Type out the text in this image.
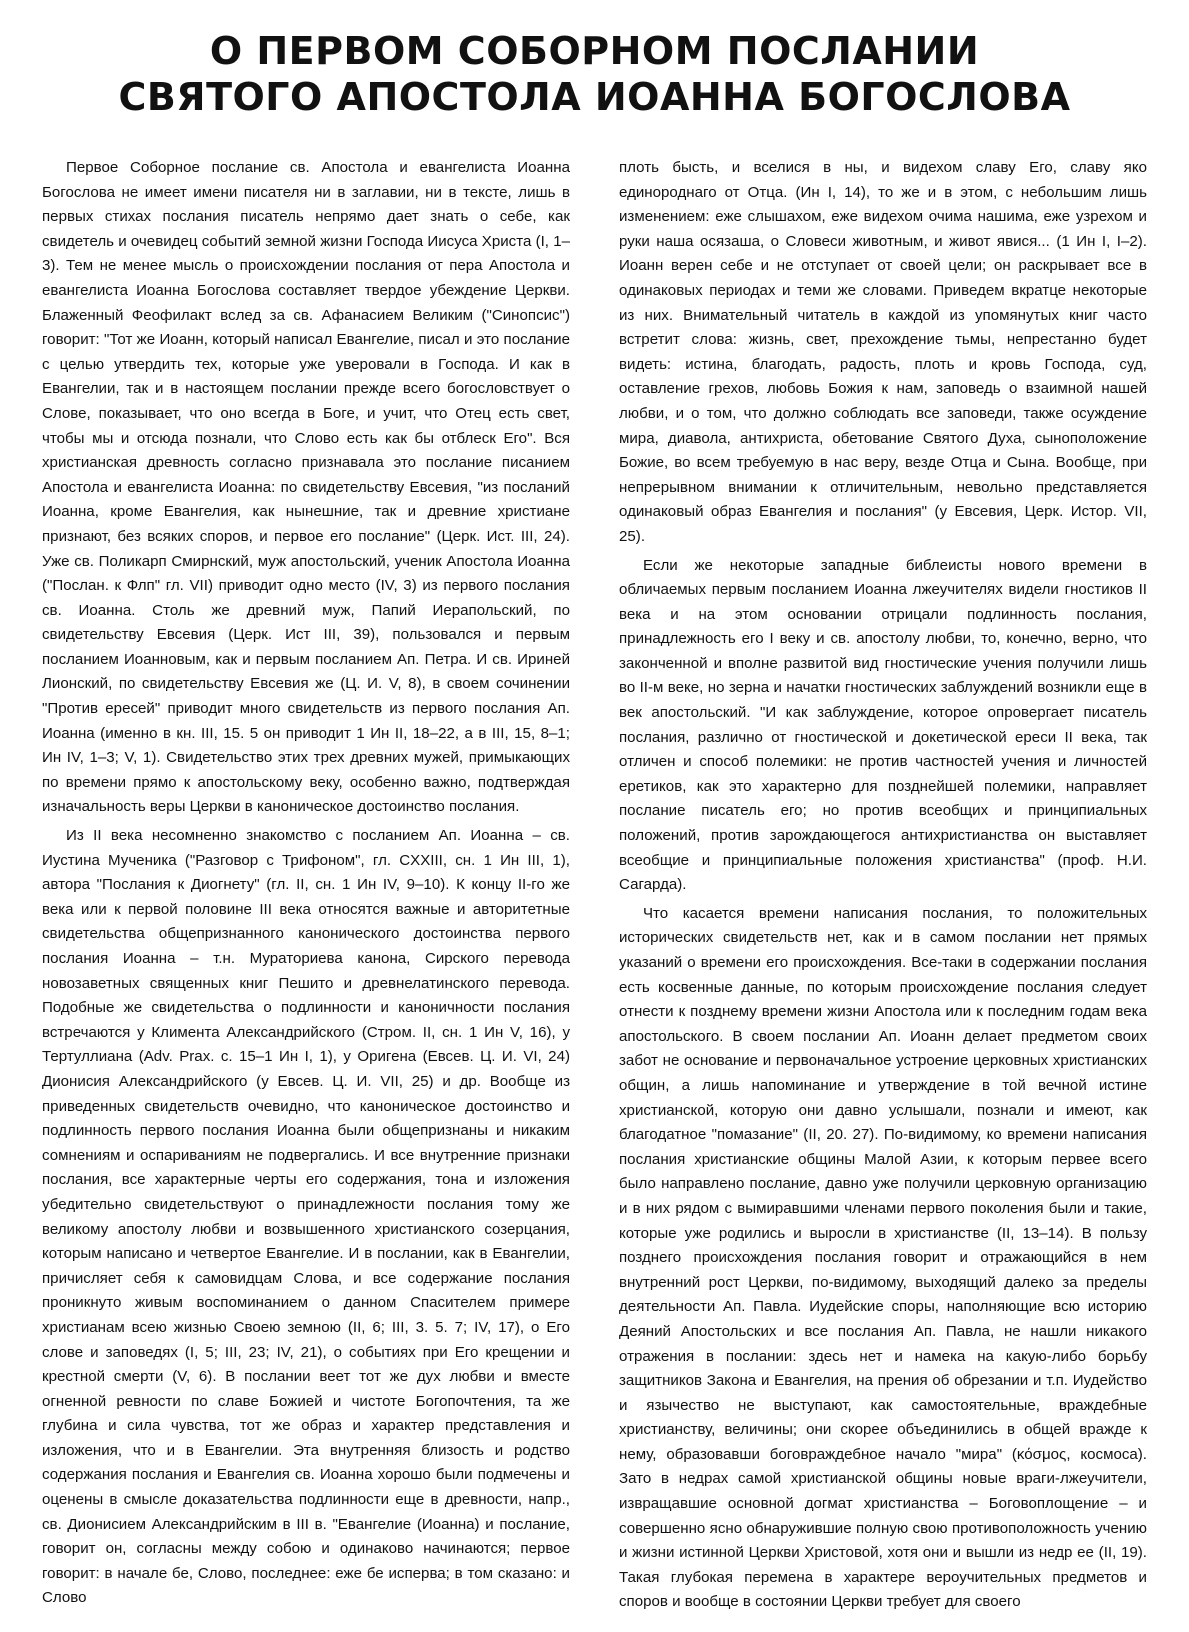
О ПЕРВОМ СОБОРНОМ ПОСЛАНИИ
СВЯТОГО АПОСТОЛА ИОАННА БОГОСЛОВА

Первое Соборное послание св. Апостола и евангелиста Иоанна Богослова не имеет имени писателя ни в заглавии, ни в тексте, лишь в первых стихах послания писатель непрямо дает знать о себе, как свидетель и очевидец событий земной жизни Господа Иисуса Христа (I, 1–3). Тем не менее мысль о происхождении послания от пера Апостола и евангелиста Иоанна Богослова составляет твердое убеждение Церкви. Блаженный Феофилакт вслед за св. Афанасием Великим ("Синопсис") говорит: "Тот же Иоанн, который написал Евангелие, писал и это послание с целью утвердить тех, которые уже уверовали в Господа. И как в Евангелии, так и в настоящем послании прежде всего богословствует о Слове, показывает, что оно всегда в Боге, и учит, что Отец есть свет, чтобы мы и отсюда познали, что Слово есть как бы отблеск Его". Вся христианская древность согласно признавала это послание писанием Апостола и евангелиста Иоанна: по свидетельству Евсевия, "из посланий Иоанна, кроме Евангелия, как нынешние, так и древние христиане признают, без всяких споров, и первое его послание" (Церк. Ист. III, 24). Уже св. Поликарп Смирнский, муж апостольский, ученик Апостола Иоанна ("Послан. к Флп" гл. VII) приводит одно место (IV, 3) из первого послания св. Иоанна. Столь же древний муж, Папий Иерапольский, по свидетельству Евсевия (Церк. Ист III, 39), пользовался и первым посланием Иоанновым, как и первым посланием Ап. Петра. И св. Ириней Лионский, по свидетельству Евсевия же (Ц. И. V, 8), в своем сочинении "Против ересей" приводит много свидетельств из первого послания Ап. Иоанна (именно в кн. III, 15. 5 он приводит 1 Ин II, 18–22, а в III, 15, 8–1; Ин IV, 1–3; V, 1). Свидетельство этих трех древних мужей, примыкающих по времени прямо к апостольскому веку, особенно важно, подтверждая изначальность веры Церкви в каноническое достоинство послания.

Из II века несомненно знакомство с посланием Ап. Иоанна – св. Иустина Мученика ("Разговор с Трифоном", гл. CXXIII, сн. 1 Ин III, 1), автора "Послания к Диогнету" (гл. II, сн. 1 Ин IV, 9–10). К концу II-го же века или к первой половине III века относятся важные и авторитетные свидетельства общепризнанного канонического достоинства первого послания Иоанна – т.н. Мураториева канона, Сирского перевода новозаветных священных книг Пешито и древнелатинского перевода. Подобные же свидетельства о подлинности и каноничности послания встречаются у Климента Александрийского (Стром. II, сн. 1 Ин V, 16), у Тертуллиана (Adv. Prax. c. 15–1 Ин I, 1), у Оригена (Евсев. Ц. И. VI, 24) Дионисия Александрийского (у Евсев. Ц. И. VII, 25) и др. Вообще из приведенных свидетельств очевидно, что каноническое достоинство и подлинность первого послания Иоанна были общепризнаны и никаким сомнениям и оспариваниям не подвергались. И все внутренние признаки послания, все характерные черты его содержания, тона и изложения убедительно свидетельствуют о принадлежности послания тому же великому апостолу любви и возвышенного христианского созерцания, которым написано и четвертое Евангелие. И в послании, как в Евангелии, причисляет себя к самовидцам Слова, и все содержание послания проникнуто живым воспоминанием о данном Спасителем примере христианам всею жизнью Своею земною (II, 6; III, 3. 5. 7; IV, 17), о Его слове и заповедях (I, 5; III, 23; IV, 21), о событиях при Его крещении и крестной смерти (V, 6). В послании веет тот же дух любви и вместе огненной ревности по славе Божией и чистоте Богопочтения, та же глубина и сила чувства, тот же образ и характер представления и изложения, что и в Евангелии. Эта внутренняя близость и родство содержания послания и Евангелия св. Иоанна хорошо были подмечены и оценены в смысле доказательства подлинности еще в древности, напр., св. Дионисием Александрийским в III в. "Евангелие (Иоанна) и послание, говорит он, согласны между собою и одинаково начинаются; первое говорит: в начале бе, Слово, последнее: еже бе исперва; в том сказано: и Слово

плоть бысть, и вселися в ны, и видехом славу Его, славу яко единороднаго от Отца. (Ин I, 14), то же и в этом, с небольшим лишь изменением: еже слышахом, еже видехом очима нашима, еже узрехом и руки наша осязаша, о Словеси животным, и живот явися... (1 Ин I, I–2). Иоанн верен себе и не отступает от своей цели; он раскрывает все в одинаковых периодах и теми же словами. Приведем вкратце некоторые из них. Внимательный читатель в каждой из упомянутых книг часто встретит слова: жизнь, свет, прехождение тьмы, непрестанно будет видеть: истина, благодать, радость, плоть и кровь Господа, суд, оставление грехов, любовь Божия к нам, заповедь о взаимной нашей любви, и о том, что должно соблюдать все заповеди, также осуждение мира, диавола, антихриста, обетование Святого Духа, сыноположение Божие, во всем требуемую в нас веру, везде Отца и Сына. Вообще, при непрерывном внимании к отличительным, невольно представляется одинаковый образ Евангелия и послания" (у Евсевия, Церк. Истор. VII, 25).

Если же некоторые западные библеисты нового времени в обличаемых первым посланием Иоанна лжеучителях видели гностиков II века и на этом основании отрицали подлинность послания, принадлежность его I веку и св. апостолу любви, то, конечно, верно, что законченной и вполне развитой вид гностические учения получили лишь во II-м веке, но зерна и начатки гностических заблуждений возникли еще в век апостольский. "И как заблуждение, которое опровергает писатель послания, различно от гностической и докетической ереси II века, так отличен и способ полемики: не против частностей учения и личностей еретиков, как это характерно для позднейшей полемики, направляет послание писатель его; но против всеобщих и принципиальных положений, против зарождающегося антихристианства он выставляет всеобщие и принципиальные положения христианства" (проф. Н.И. Сагарда).

Что касается времени написания послания, то положительных исторических свидетельств нет, как и в самом послании нет прямых указаний о времени его происхождения. Все-таки в содержании послания есть косвенные данные, по которым происхождение послания следует отнести к позднему времени жизни Апостола или к последним годам века апостольского. В своем послании Ап. Иоанн делает предметом своих забот не основание и первоначальное устроение церковных христианских общин, а лишь напоминание и утверждение в той вечной истине христианской, которую они давно услышали, познали и имеют, как благодатное "помазание" (II, 20. 27). По-видимому, ко времени написания послания христианские общины Малой Азии, к которым первее всего было направлено послание, давно уже получили церковную организацию и в них рядом с вымиравшими членами первого поколения были и такие, которые уже родились и выросли в христианстве (II, 13–14). В пользу позднего происхождения послания говорит и отражающийся в нем внутренний рост Церкви, по-видимому, выходящий далеко за пределы деятельности Ап. Павла. Иудейские споры, наполняющие всю историю Деяний Апостольских и все послания Ап. Павла, не нашли никакого отражения в послании: здесь нет и намека на какую-либо борьбу защитников Закона и Евангелия, на прения об обрезании и т.п. Иудейство и язычество не выступают, как самостоятельные, враждебные христианству, величины; они скорее объединились в общей вражде к нему, образовавши боговраждебное начало "мира" (κόσμος, космоса). Зато в недрах самой христианской общины новые враги-лжеучители, извращавшие основной догмат христианства – Боговоплощение – и совершенно ясно обнаружившие полную свою противоположность учению и жизни истинной Церкви Христовой, хотя они и вышли из недр ее (II, 19). Такая глубокая перемена в характере вероучительных предметов и споров и вообще в состоянии Церкви требует для своего
